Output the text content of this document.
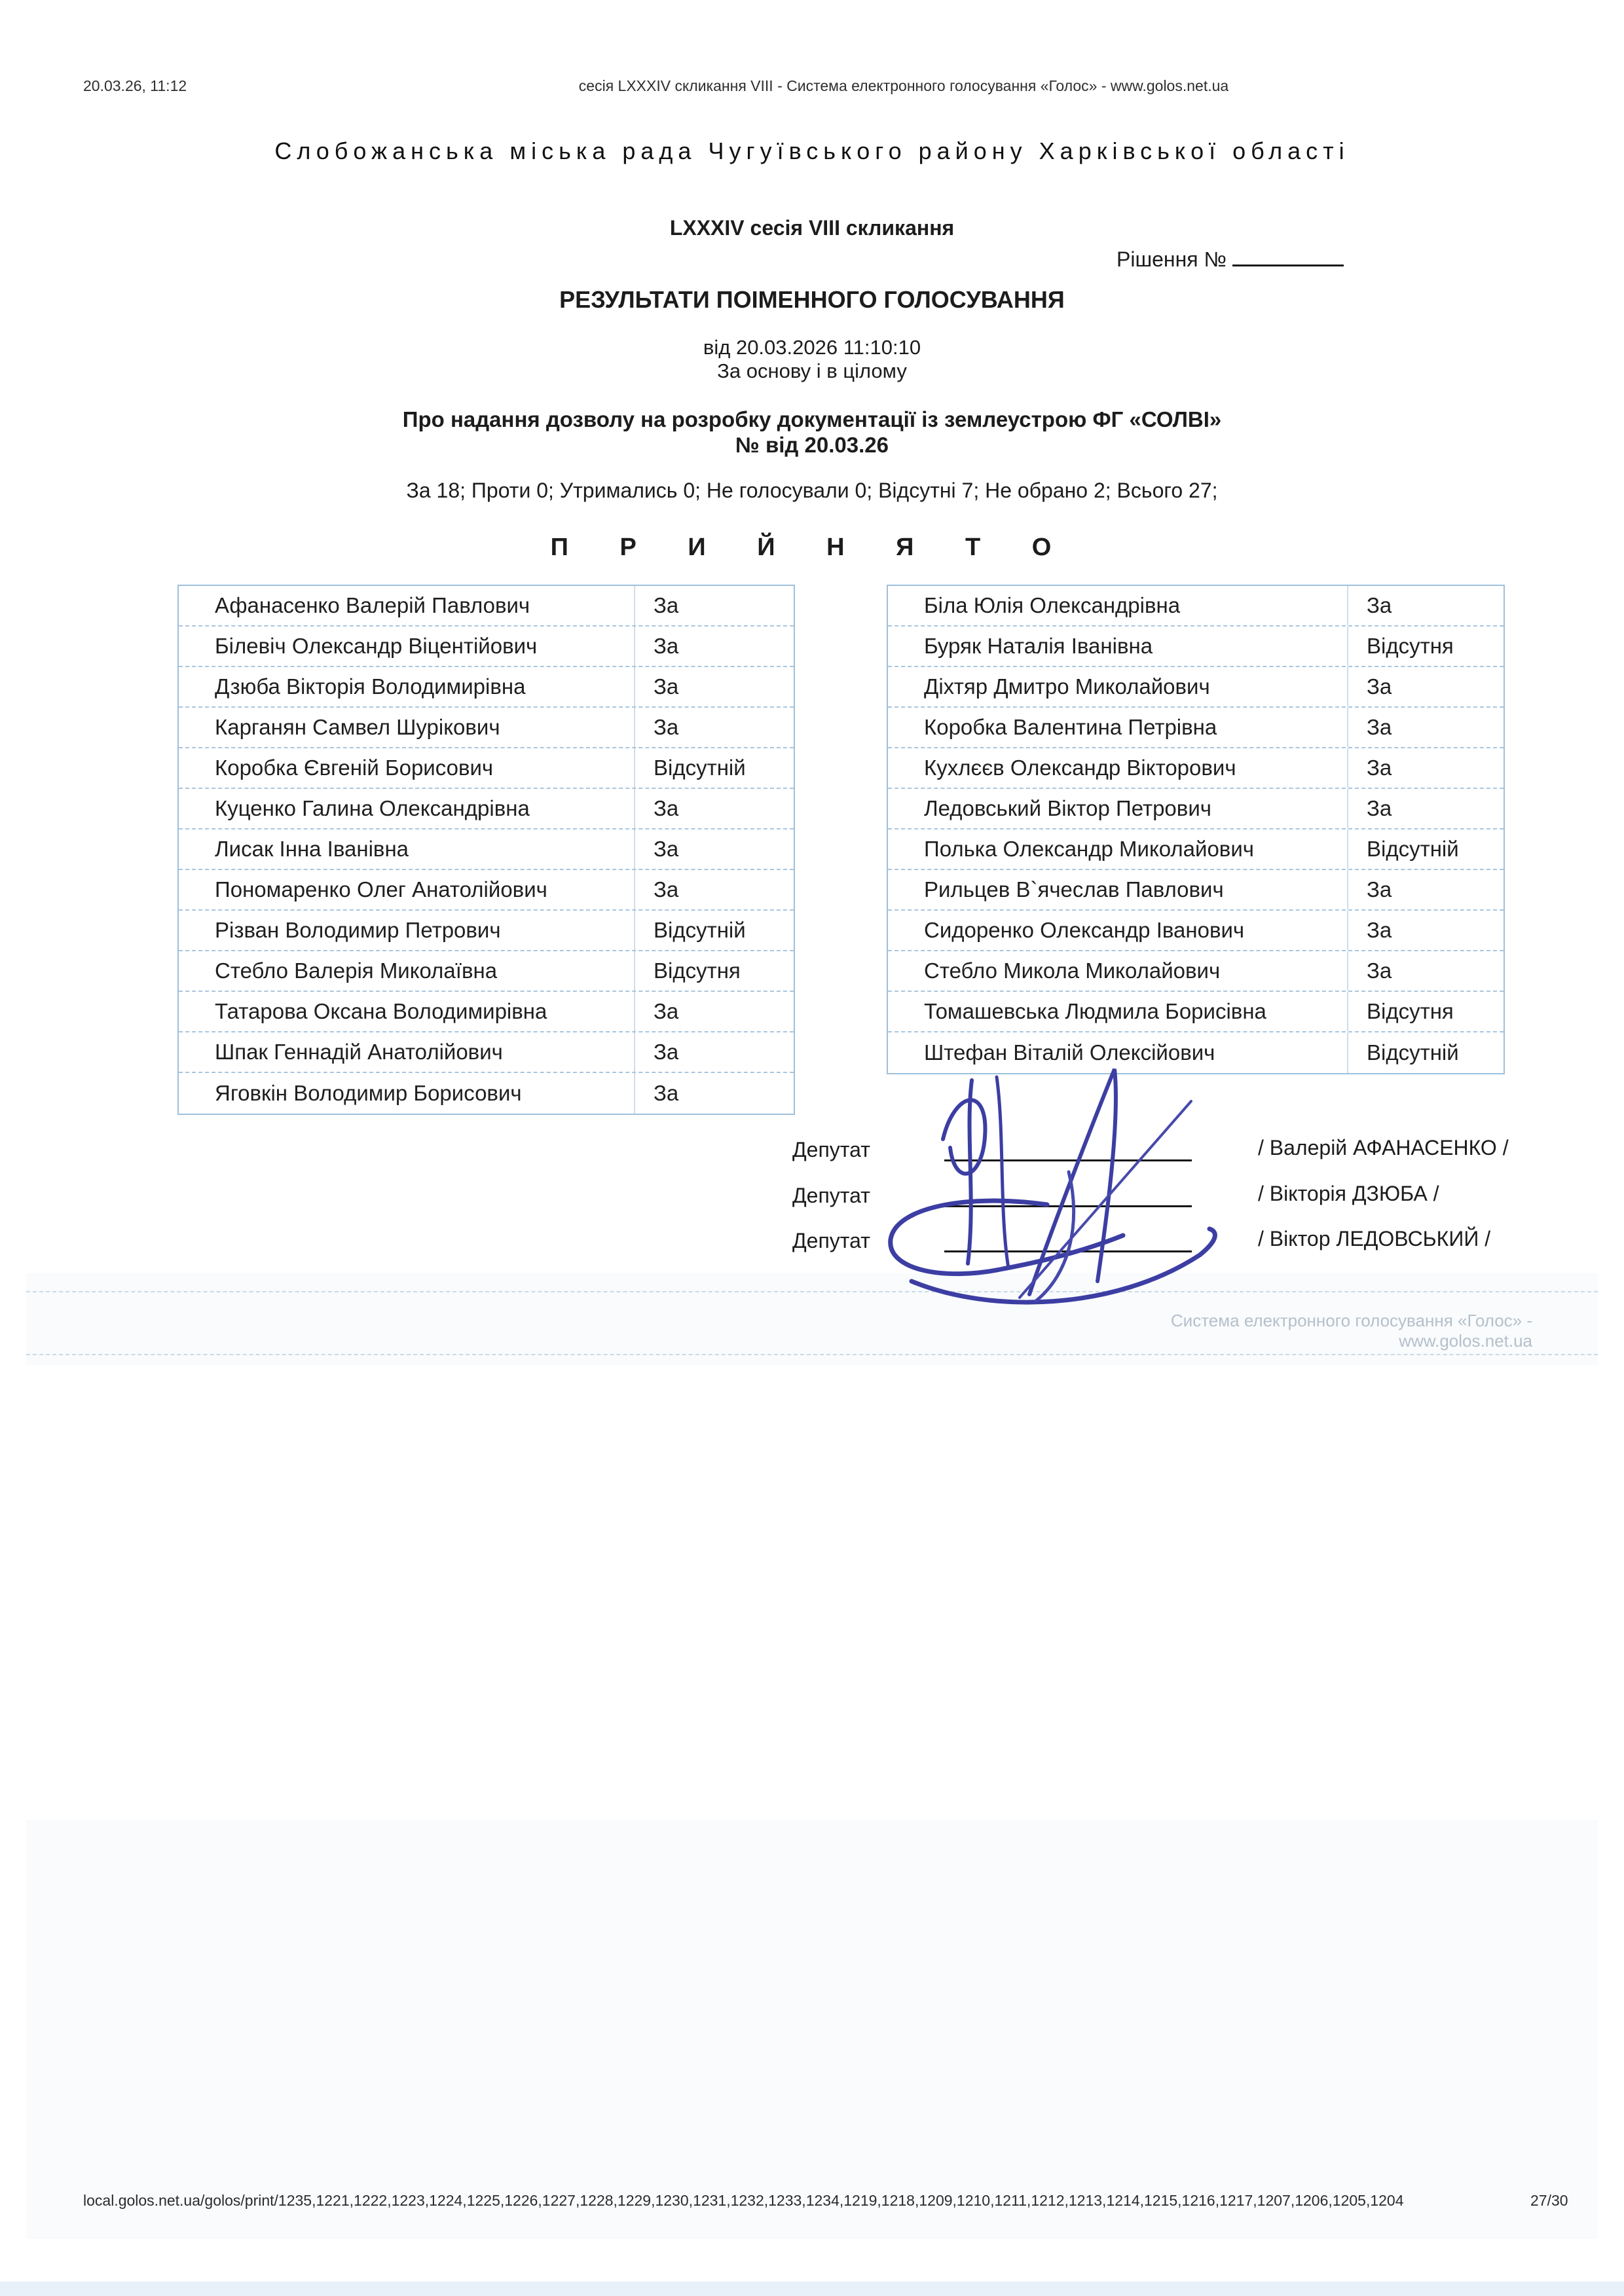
20.03.26, 11:12	сесія LXXXIV скликання VIII - Система електронного голосування «Голос» - www.golos.net.ua
Слобожанська міська рада Чугуївського району Харківської області
LXXXIV сесія VIII скликання
Рішення №
РЕЗУЛЬТАТИ ПОІМЕННОГО ГОЛОСУВАННЯ
від 20.03.2026 11:10:10
За основу і в цілому
Про надання дозволу на розробку документації із землеустрою ФГ «СОЛВІ»
№ від 20.03.26
За 18; Проти 0; Утримались 0; Не голосували 0; Відсутні 7; Не обрано 2; Всього 27;
П Р И Й Н Я Т О
Афанасенко Валерій Павлович	За
Білевіч Олександр Віцентійович	За
Дзюба Вікторія Володимирівна	За
Карганян Самвел Шурікович	За
Коробка Євгеній Борисович	Відсутній
Куценко Галина Олександрівна	За
Лисак Інна Іванівна	За
Пономаренко Олег Анатолійович	За
Різван Володимир Петрович	Відсутній
Стебло Валерія Миколаївна	Відсутня
Татарова Оксана Володимирівна	За
Шпак Геннадій Анатолійович	За
Яговкін Володимир Борисович	За
Біла Юлія Олександрівна	За
Буряк Наталія Іванівна	Відсутня
Діхтяр Дмитро Миколайович	За
Коробка Валентина Петрівна	За
Кухлєєв Олександр Вікторович	За
Ледовський Віктор Петрович	За
Полька Олександр Миколайович	Відсутній
Рильцев В`ячеслав Павлович	За
Сидоренко Олександр Іванович	За
Стебло Микола Миколайович	За
Томашевська Людмила Борисівна	Відсутня
Штефан Віталій Олексійович	Відсутній
Депутат	/ Валерій АФАНАСЕНКО /
Депутат	/ Вікторія ДЗЮБА /
Депутат	/ Віктор ЛЕДОВСЬКИЙ /
Система електронного голосування «Голос» - www.golos.net.ua
local.golos.net.ua/golos/print/1235,1221,1222,1223,1224,1225,1226,1227,1228,1229,1230,1231,1232,1233,1234,1219,1218,1209,1210,1211,1212,1213,1214,1215,1216,1217,1207,1206,1205,1204	27/30
